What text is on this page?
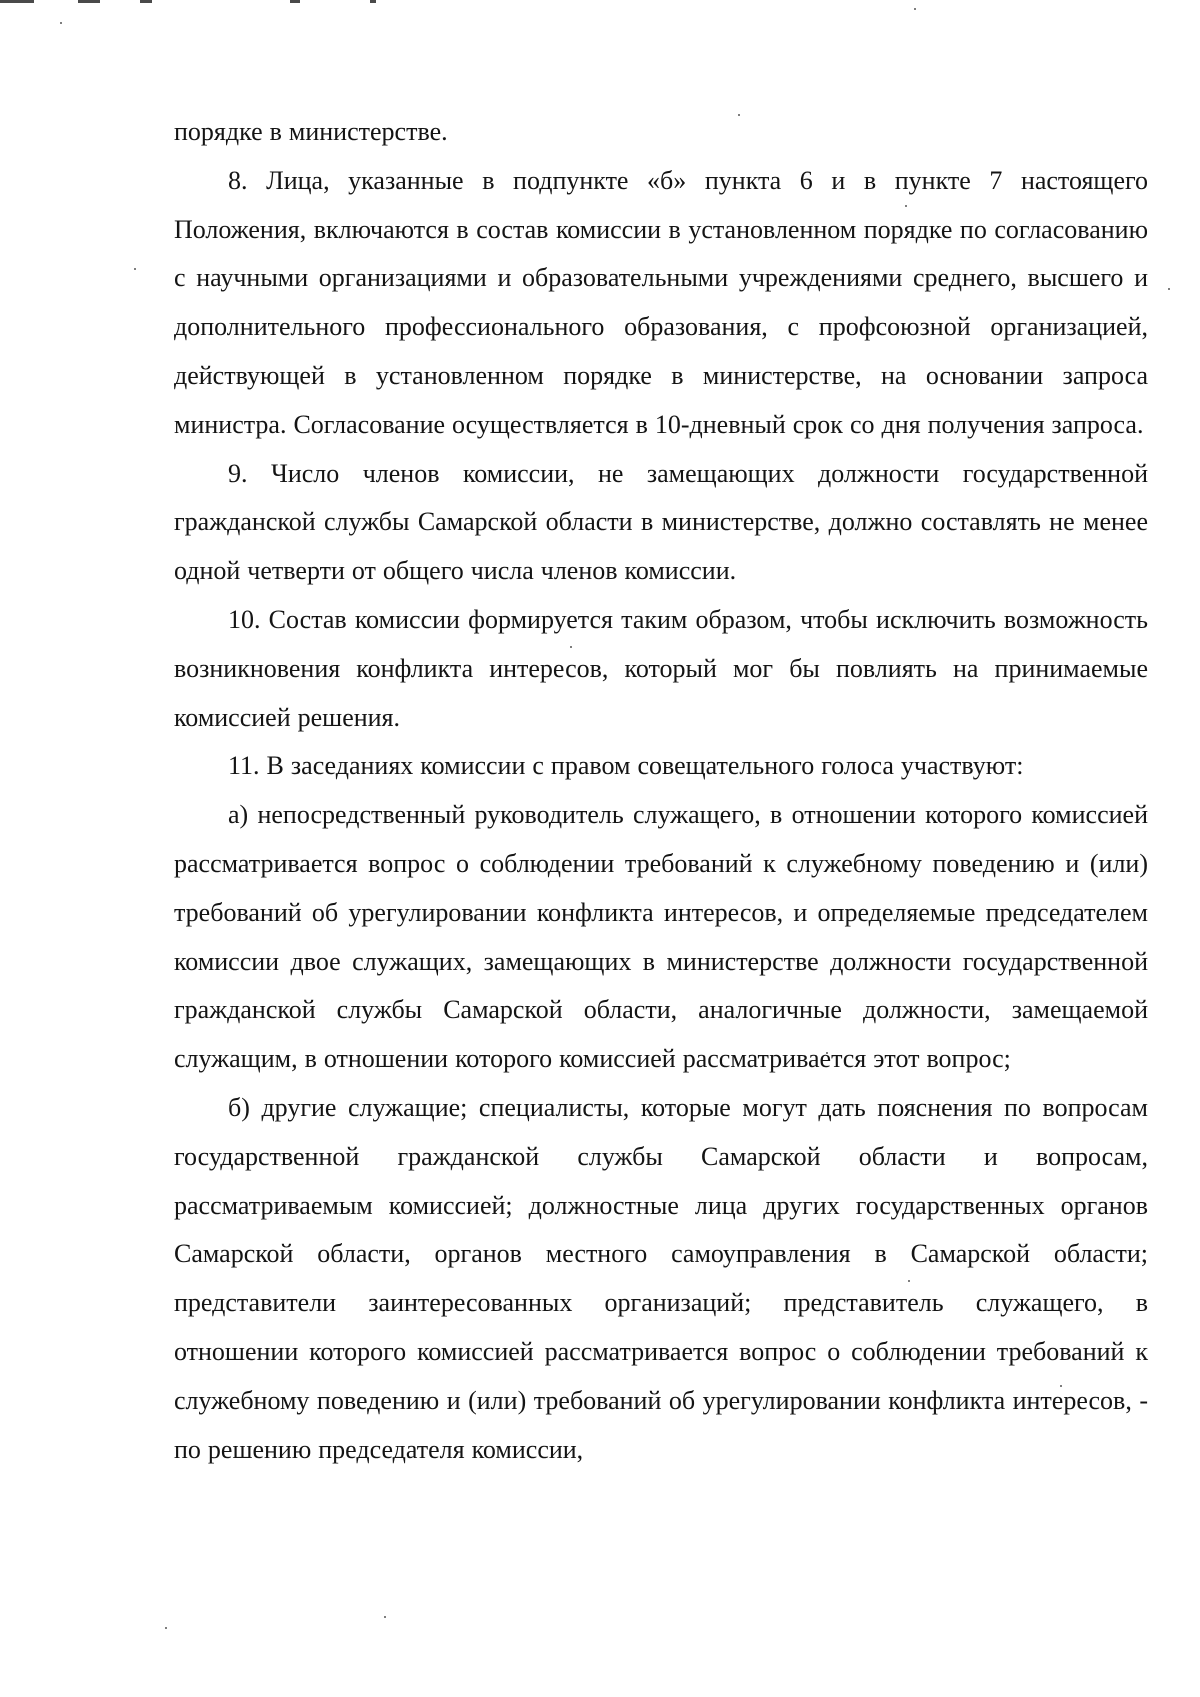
порядке в министерстве.

8. Лица, указанные в подпункте «б» пункта 6 и в пункте 7 настоящего Положения, включаются в состав комиссии в установленном порядке по согласованию с научными организациями и образовательными учреждениями среднего, высшего и дополнительного профессионального образования, с профсоюзной организацией, действующей в установленном порядке в министерстве, на основании запроса министра. Согласование осуществляется в 10-дневный срок со дня получения запроса.

9. Число членов комиссии, не замещающих должности государственной гражданской службы Самарской области в министерстве, должно составлять не менее одной четверти от общего числа членов комиссии.

10. Состав комиссии формируется таким образом, чтобы исключить возможность возникновения конфликта интересов, который мог бы повлиять на принимаемые комиссией решения.

11. В заседаниях комиссии с правом совещательного голоса участвуют:

а) непосредственный руководитель служащего, в отношении которого комиссией рассматривается вопрос о соблюдении требований к служебному поведению и (или) требований об урегулировании конфликта интересов, и определяемые председателем комиссии двое служащих, замещающих в министерстве должности государственной гражданской службы Самарской области, аналогичные должности, замещаемой служащим, в отношении которого комиссией рассматривается этот вопрос;

б) другие служащие; специалисты, которые могут дать пояснения по вопросам государственной гражданской службы Самарской области и вопросам, рассматриваемым комиссией; должностные лица других государственных органов Самарской области, органов местного самоуправления в Самарской области; представители заинтересованных организаций; представитель служащего, в отношении которого комиссией рассматривается вопрос о соблюдении требований к служебному поведению и (или) требований об урегулировании конфликта интересов, - по решению председателя комиссии,
